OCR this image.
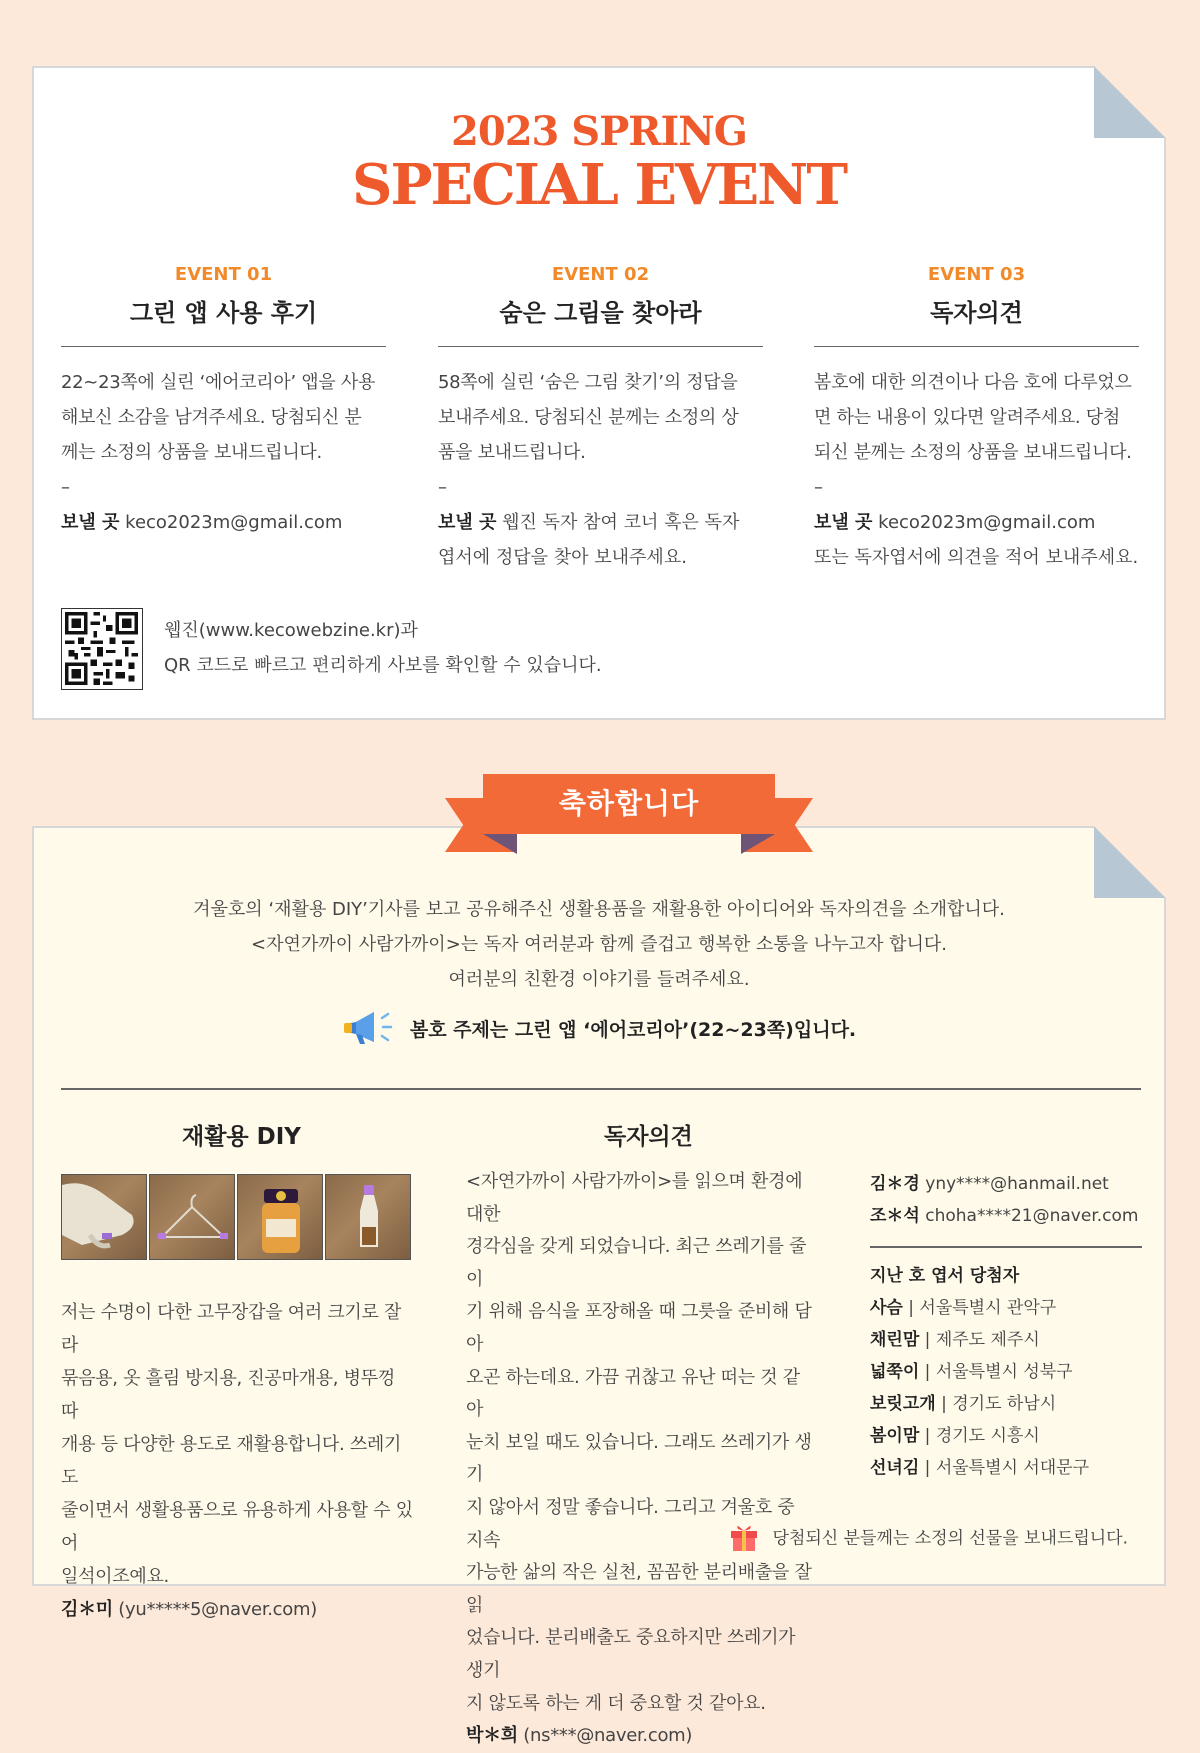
2023 SPRING
SPECIAL EVENT
EVENT 01
그린 앱 사용 후기
22~23쪽에 실린 ‘에어코리아’ 앱을 사용
해보신 소감을 남겨주세요. 당첨되신 분
께는 소정의 상품을 보내드립니다.
–
보낼 곳 keco2023m@gmail.com
EVENT 02
숨은 그림을 찾아라
58쪽에 실린 ‘숨은 그림 찾기’의 정답을
보내주세요. 당첨되신 분께는 소정의 상
품을 보내드립니다.
–
보낼 곳 웹진 독자 참여 코너 혹은 독자
엽서에 정답을 찾아 보내주세요.
EVENT 03
독자의견
봄호에 대한 의견이나 다음 호에 다루었으
면 하는 내용이 있다면 알려주세요. 당첨
되신 분께는 소정의 상품을 보내드립니다.
–
보낼 곳 keco2023m@gmail.com
또는 독자엽서에 의견을 적어 보내주세요.
웹진(www.kecowebzine.kr)과
QR 코드로 빠르고 편리하게 사보를 확인할 수 있습니다.
겨울호의 ‘재활용 DIY’기사를 보고 공유해주신 생활용품을 재활용한 아이디어와 독자의견을 소개합니다.
<자연가까이 사람가까이>는 독자 여러분과 함께 즐겁고 행복한 소통을 나누고자 합니다.
여러분의 친환경 이야기를 들려주세요.
봄호 주제는 그린 앱 ‘에어코리아’(22~23쪽)입니다.
재활용 DIY	독자의견
저는 수명이 다한 고무장갑을 여러 크기로 잘라
묶음용, 옷 흘림 방지용, 진공마개용, 병뚜껑 따
개용 등 다양한 용도로 재활용합니다. 쓰레기도
줄이면서 생활용품으로 유용하게 사용할 수 있어
일석이조예요.
김＊미 (yu*****5@naver.com)
<자연가까이 사람가까이>를 읽으며 환경에 대한
경각심을 갖게 되었습니다. 최근 쓰레기를 줄이
기 위해 음식을 포장해올 때 그릇을 준비해 담아
오곤 하는데요. 가끔 귀찮고 유난 떠는 것 같아
눈치 보일 때도 있습니다. 그래도 쓰레기가 생기
지 않아서 정말 좋습니다. 그리고 겨울호 중 지속
가능한 삶의 작은 실천, 꼼꼼한 분리배출을 잘 읽
었습니다. 분리배출도 중요하지만 쓰레기가 생기
지 않도록 하는 게 더 중요할 것 같아요.
박＊희 (ns***@naver.com)
김＊경 yny****@hanmail.net
조＊석 choha****21@naver.com
지난 호 엽서 당첨자
사슴 | 서울특별시 관악구
채린맘 | 제주도 제주시
넓쭉이 | 서울특별시 성북구
보릿고개 | 경기도 하남시
봄이맘 | 경기도 시흥시
선녀김 | 서울특별시 서대문구
당첨되신 분들께는 소정의 선물을 보내드립니다.
축하합니다
